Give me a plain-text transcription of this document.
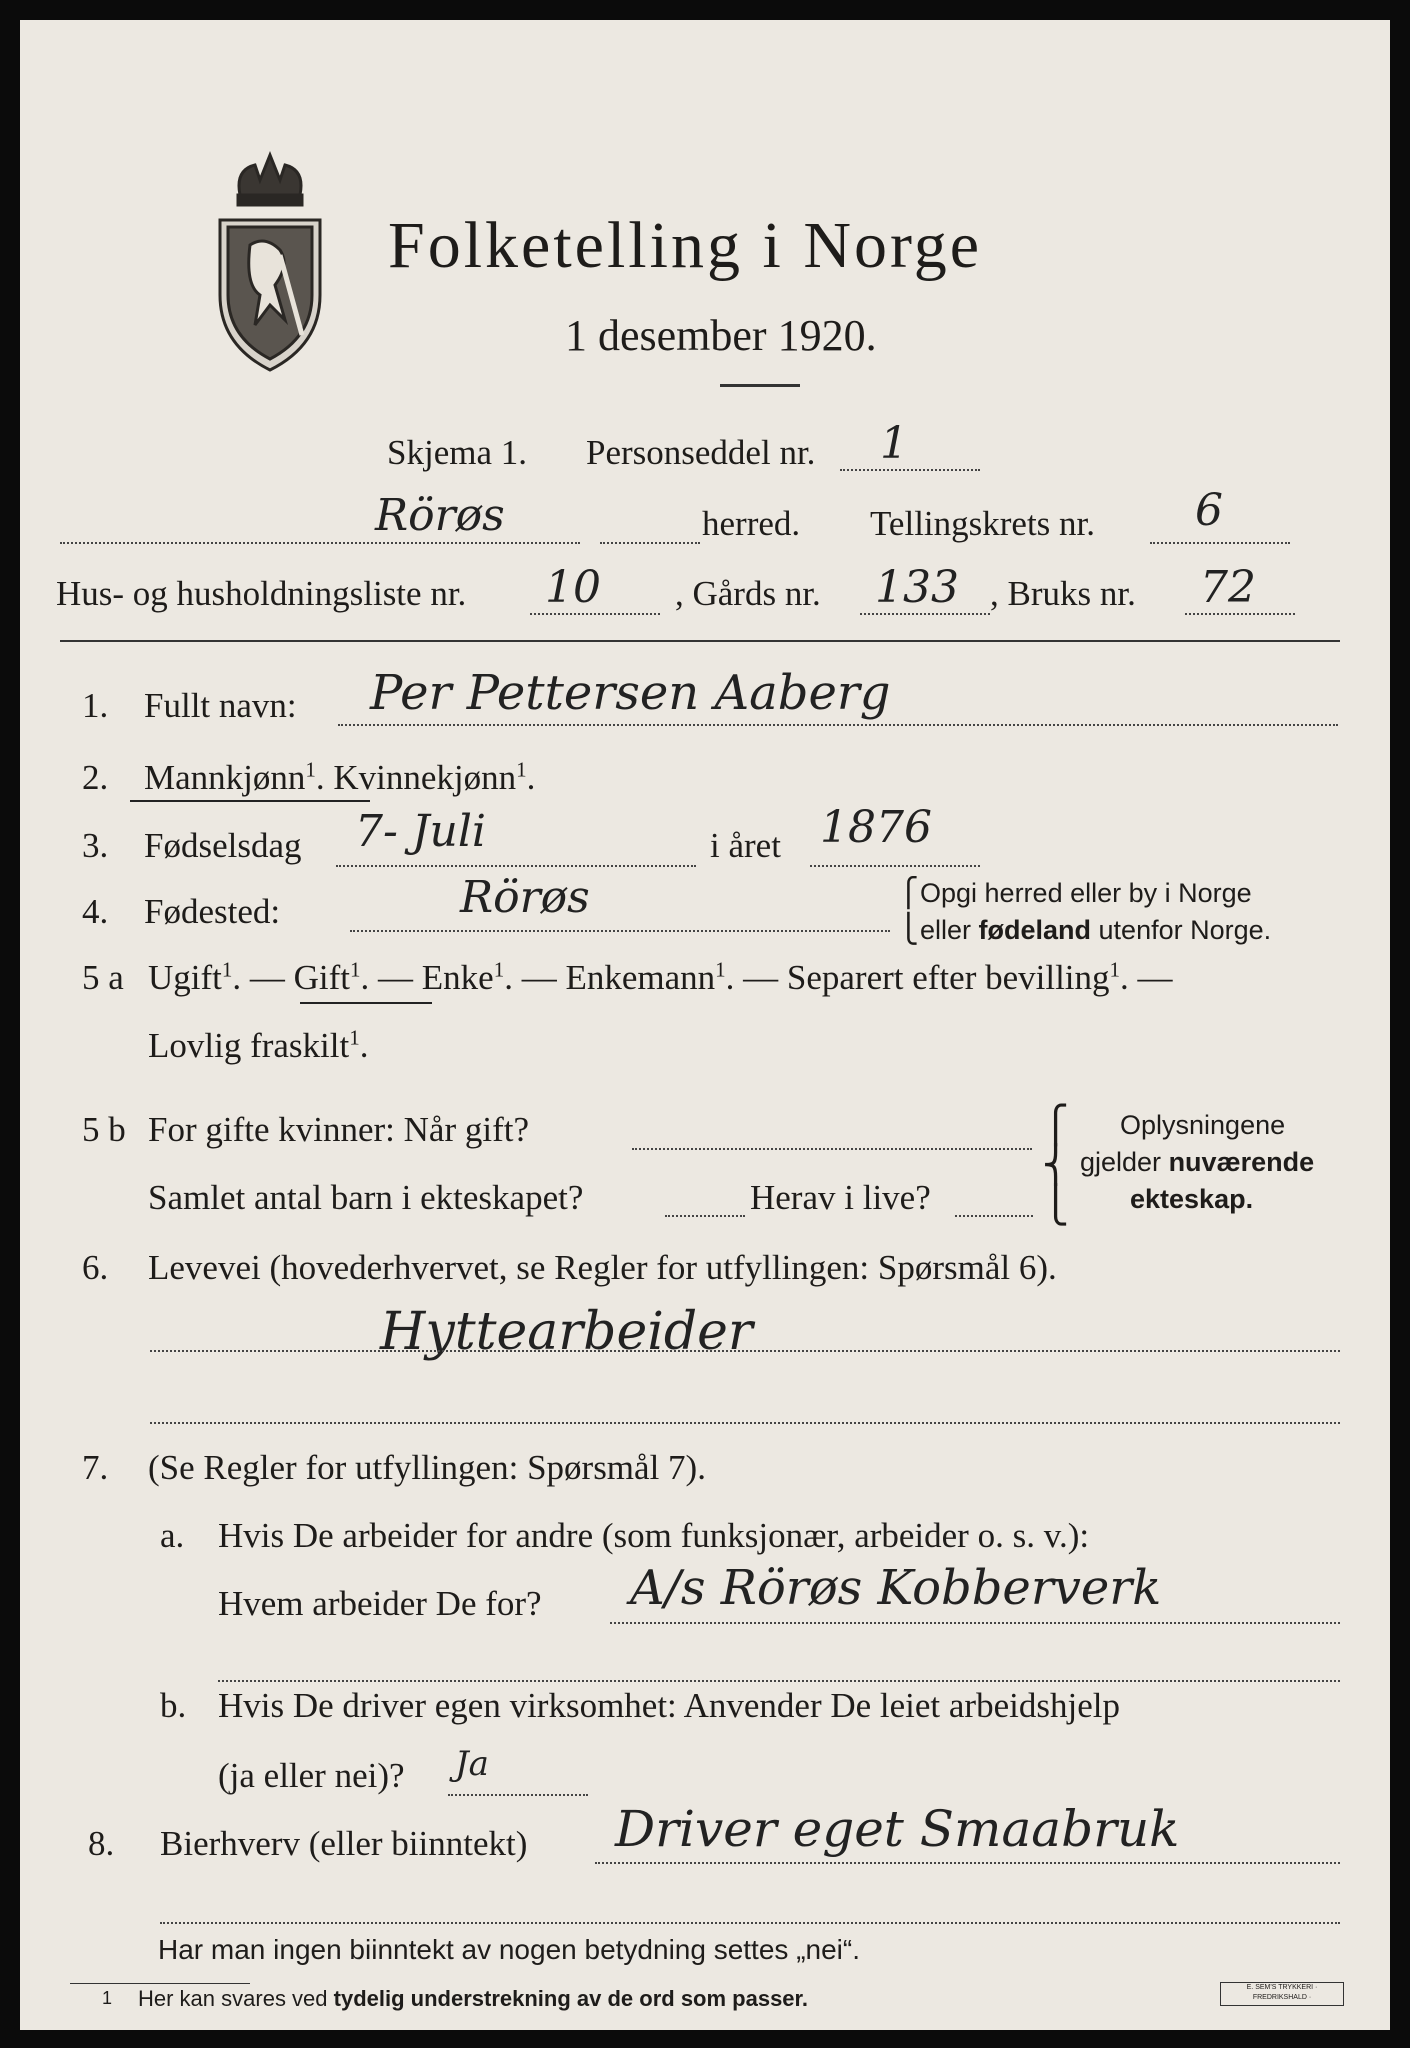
Folketelling i Norge
1 desember 1920.
Skjema 1. Personseddel nr. 1
Rörøs	herred. Tellingskrets nr. 6
Hus- og husholdningsliste nr. 10 , Gårds nr. 133 , Bruks nr. 72
1. Fullt navn: Per Pettersen Aaberg
2. Mannkjønn$^1$. Kvinnekjønn$^1$.
3. Fødselsdag 7- Juli	i året 1876
4. Fødested:	Rörøs	⎧
⎩
Opgi herred eller by i Norge
eller fødeland utenfor Norge.
5 a Ugift$^1$. — Gift$^1$. — Enke$^1$. — Enkemann$^1$. — Separert efter bevilling$^1$. —
Lovlig fraskilt$^1$.
5 b For gifte kvinner: Når gift?
Samlet antal barn i ekteskapet?	Herav i live?
⎧
⎨
⎩
Oplysningene
gjelder nuværende
ekteskap.
6. Levevei (hovederhvervet, se Regler for utfyllingen: Spørsmål 6).
Hyttearbeider
7. (Se Regler for utfyllingen: Spørsmål 7).
a. Hvis De arbeider for andre (som funksjonær, arbeider o. s. v.):
Hvem arbeider De for? A/s Rörøs Kobberverk
b. Hvis De driver egen virksomhet: Anvender De leiet arbeidshjelp
(ja eller nei)? Ja
8. Bierhverv (eller biinntekt) Driver eget Smaabruk
Har man ingen biinntekt av nogen betydning settes „nei“.
1 Her kan svares ved tydelig understrekning av de ord som passer.	E. SEM'S TRYKKERI · FREDRIKSHALD ·
